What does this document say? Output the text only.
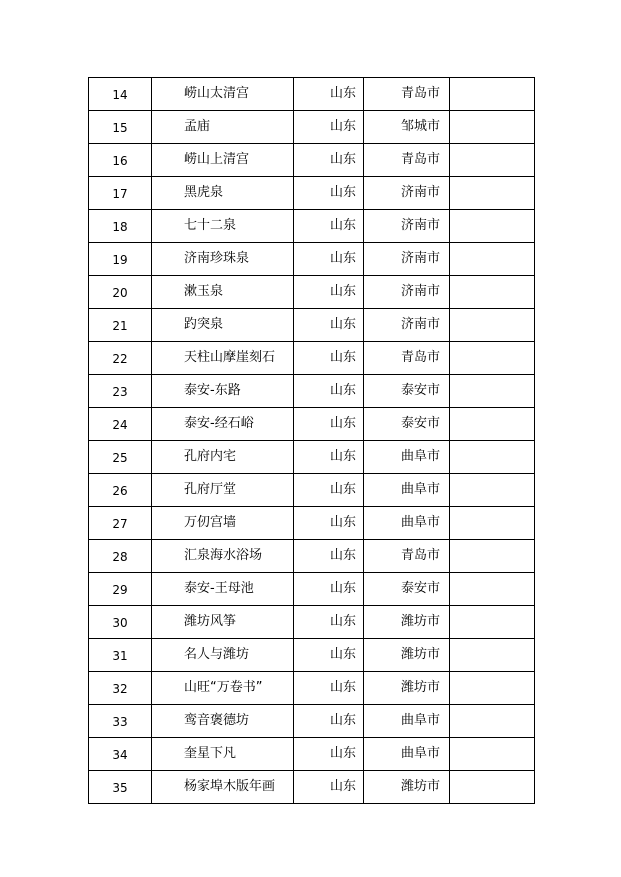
14	崂山太清宫	山东	青岛市	
15	孟庙	山东	邹城市	
16	崂山上清宫	山东	青岛市	
17	黑虎泉	山东	济南市	
18	七十二泉	山东	济南市	
19	济南珍珠泉	山东	济南市	
20	漱玉泉	山东	济南市	
21	趵突泉	山东	济南市	
22	天柱山摩崖刻石	山东	青岛市	
23	泰安-东路	山东	泰安市	
24	泰安-经石峪	山东	泰安市	
25	孔府内宅	山东	曲阜市	
26	孔府厅堂	山东	曲阜市	
27	万仞宫墙	山东	曲阜市	
28	汇泉海水浴场	山东	青岛市	
29	泰安-王母池	山东	泰安市	
30	潍坊风筝	山东	潍坊市	
31	名人与潍坊	山东	潍坊市	
32	山旺“万卷书”	山东	潍坊市	
33	鸾音褒德坊	山东	曲阜市	
34	奎星下凡	山东	曲阜市	
35	杨家埠木版年画	山东	潍坊市	
